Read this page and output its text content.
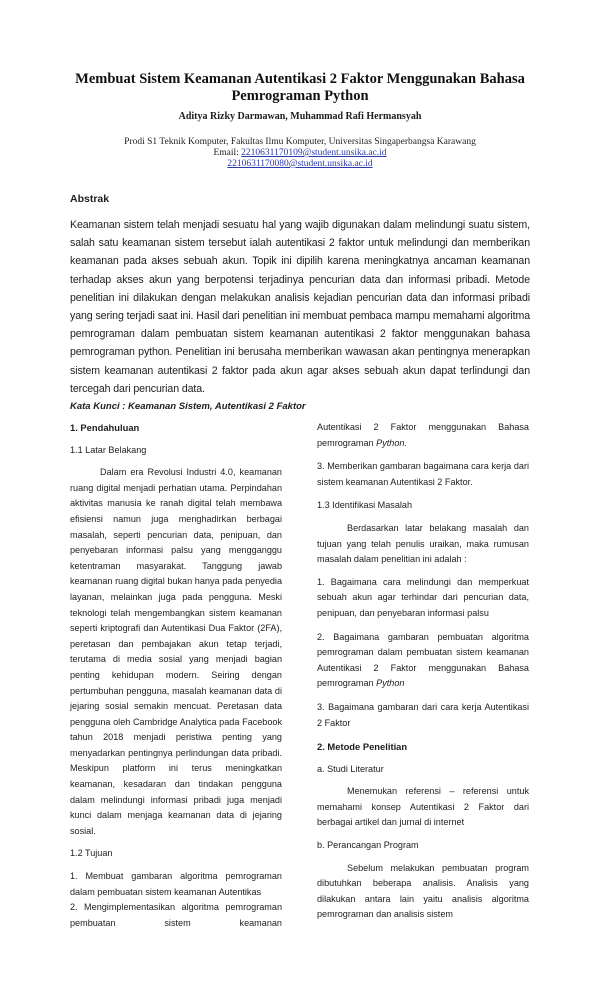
Membuat Sistem Keamanan Autentikasi 2 Faktor Menggunakan Bahasa Pemrograman Python
Aditya Rizky Darmawan, Muhammad Rafi Hermansyah
Prodi S1 Teknik Komputer, Fakultas Ilmu Komputer, Universitas Singaperbangsa Karawang
Email: 2210631170109@student.unsika.ac.id
2210631170080@student.unsika.ac.id
Abstrak
Keamanan sistem telah menjadi sesuatu hal yang wajib digunakan dalam melindungi suatu sistem, salah satu keamanan sistem tersebut ialah autentikasi 2 faktor untuk melindungi dan memberikan keamanan pada akses sebuah akun. Topik ini dipilih karena meningkatnya ancaman keamanan terhadap akses akun yang berpotensi terjadinya pencurian data dan informasi pribadi. Metode penelitian ini dilakukan dengan melakukan analisis kejadian pencurian data dan informasi pribadi yang sering terjadi saat ini. Hasil dari penelitian ini membuat pembaca mampu memahami algoritma pemrograman dalam pembuatan sistem keamanan autentikasi 2 faktor menggunakan bahasa pemrograman python. Penelitian ini berusaha memberikan wawasan akan pentingnya menerapkan sistem keamanan autentikasi 2 faktor pada akun agar akses sebuah akun dapat terlindungi dan tercegah dari pencurian data.
Kata Kunci : Keamanan Sistem, Autentikasi 2 Faktor
1. Pendahuluan
1.1 Latar Belakang
Dalam era Revolusi Industri 4.0, keamanan ruang digital menjadi perhatian utama. Perpindahan aktivitas manusia ke ranah digital telah membawa efisiensi namun juga menghadirkan berbagai masalah, seperti pencurian data, penipuan, dan penyebaran informasi palsu yang mengganggu ketentraman masyarakat. Tanggung jawab keamanan ruang digital bukan hanya pada penyedia layanan, melainkan juga pada pengguna. Meski teknologi telah mengembangkan sistem keamanan seperti kriptografi dan Autentikasi Dua Faktor (2FA), peretasan dan pembajakan akun tetap terjadi, terutama di media sosial yang menjadi bagian penting kehidupan modern. Seiring dengan pertumbuhan pengguna, masalah keamanan data di jejaring sosial semakin mencuat. Peretasan data pengguna oleh Cambridge Analytica pada Facebook tahun 2018 menjadi peristiwa penting yang menyadarkan pentingnya perlindungan data pribadi. Meskipun platform ini terus meningkatkan keamanan, kesadaran dan tindakan pengguna dalam melindungi informasi pribadi juga menjadi kunci dalam menjaga keamanan data di jejaring sosial.
1.2 Tujuan
1. Membuat gambaran algoritma pemrograman dalam pembuatan sistem keamanan Autentikas
2. Mengimplementasikan algoritma pemrograman pembuatan sistem keamanan
Autentikasi 2 Faktor menggunakan Bahasa pemrograman Python.
3. Memberikan gambaran bagaimana cara kerja dari sistem keamanan Autentikasi 2 Faktor.
1.3 Identifikasi Masalah
Berdasarkan latar belakang masalah dan tujuan yang telah penulis uraikan, maka rumusan masalah dalam penelitian ini adalah :
1. Bagaimana cara melindungi dan memperkuat sebuah akun agar terhindar dari pencurian data, penipuan, dan penyebaran informasi palsu
2. Bagaimana gambaran pembuatan algoritma pemrograman dalam pembuatan sistem keamanan Autentikasi 2 Faktor menggunakan Bahasa pemrograman Python
3. Bagaimana gambaran dari cara kerja Autentikasi 2 Faktor
2. Metode Penelitian
a. Studi Literatur
Menemukan referensi – referensi untuk memahami konsep Autentikasi 2 Faktor dari berbagai artikel dan jurnal di internet
b. Perancangan Program
Sebelum melakukan pembuatan program dibutuhkan beberapa analisis. Analisis yang dilakukan antara lain yaitu analisis algoritma pemrograman dan analisis sistem
